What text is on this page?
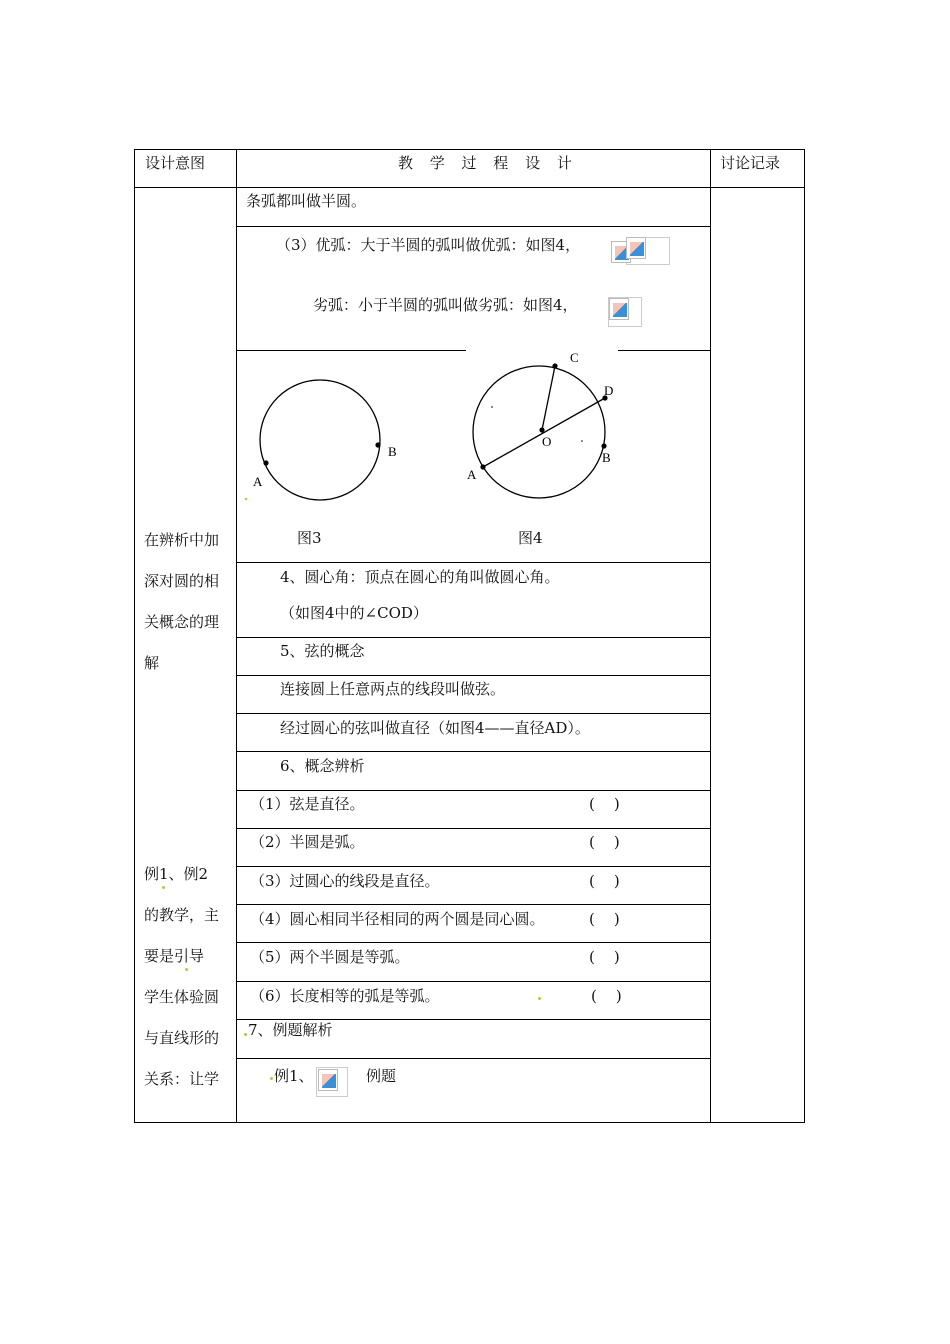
设计意图	教 学 过 程 设 计	讨论记录
在辨析中加
深对圆的相
关概念的理
解
例1、例2
的教学，主
要是引导
学生体验圆
与直线形的
关系：让学
条弧都叫做半圆。
（3）优弧：大于半圆的弧叫做优弧：如图4，
劣弧：小于半圆的弧叫做劣弧：如图4，
A
B
C
D
O
B
A
图3	图4
4、圆心角：顶点在圆心的角叫做圆心角。
（如图4中的∠COD）
5、弦的概念
连接圆上任意两点的线段叫做弦。
经过圆心的弦叫做直径（如图4——直径AD）。
6、概念辨析
（1）弦是直径。	(    )
（2）半圆是弧。	(    )
（3）过圆心的线段是直径。	(    )
（4）圆心相同半径相同的两个圆是同心圆。	(    )
（5）两个半圆是等弧。	(    )
（6）长度相等的弧是等弧。	(    )
7、例题解析
例1、	例题
